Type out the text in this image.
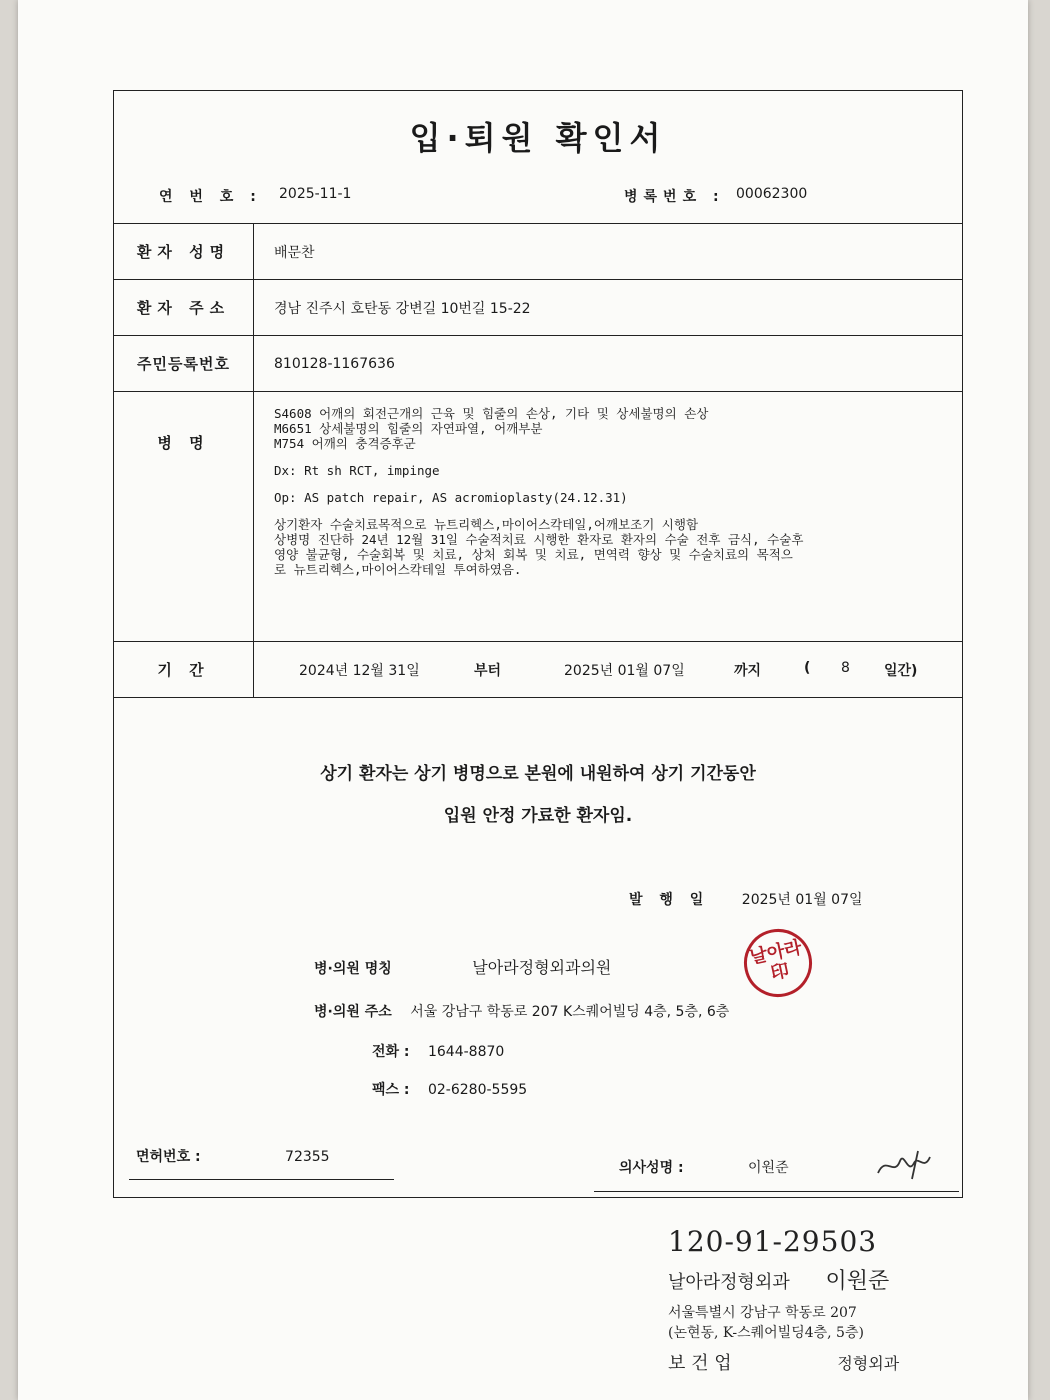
입·퇴원 확인서
연 번 호 : 2025-11-1	병록번호 : 00062300
환자 성명	배문찬
환자 주소	경남 진주시 호탄동 강변길 10번길 15-22
주민등록번호	810128-1167636
병 명

S4608 어깨의 회전근개의 근육 및 힘줄의 손상, 기타 및 상세불명의 손상
M6651 상세불명의 힘줄의 자연파열, 어깨부분
M754 어깨의 충격증후군

Dx: Rt sh RCT, impinge

Op: AS patch repair, AS acromioplasty(24.12.31)

상기환자 수술치료목적으로 뉴트리헥스,마이어스칵테일,어깨보조기 시행함
상병명 진단하 24년 12월 31일 수술적치료 시행한 환자로 환자의 수술 전후 금식, 수술후
영양 불균형, 수술회복 및 치료, 상처 회복 및 치료, 면역력 향상 및 수술치료의 목적으
로 뉴트리헥스,마이어스칵테일 투여하였음.

기 간	2024년 12월 31일	부터	2025년 01월 07일	까지	( 8 일간)
상기 환자는 상기 병명으로 본원에 내원하여 상기 기간동안
입원 안정 가료한 환자임.
발 행 일 2025년 01월 07일
병·의원 명칭	날아라정형외과의원	날아라印
병·의원 주소 서울 강남구 학동로 207 K스퀘어빌딩 4층, 5층, 6층
전화 : 1644-8870
팩스 : 02-6280-5595
면허번호 :	72355
의사성명 :	이원준
120-91-29503
날아라정형외과 이원준
서울특별시 강남구 학동로 207
(논현동, K-스퀘어빌딩4층, 5층)
보 건 업	정형외과
